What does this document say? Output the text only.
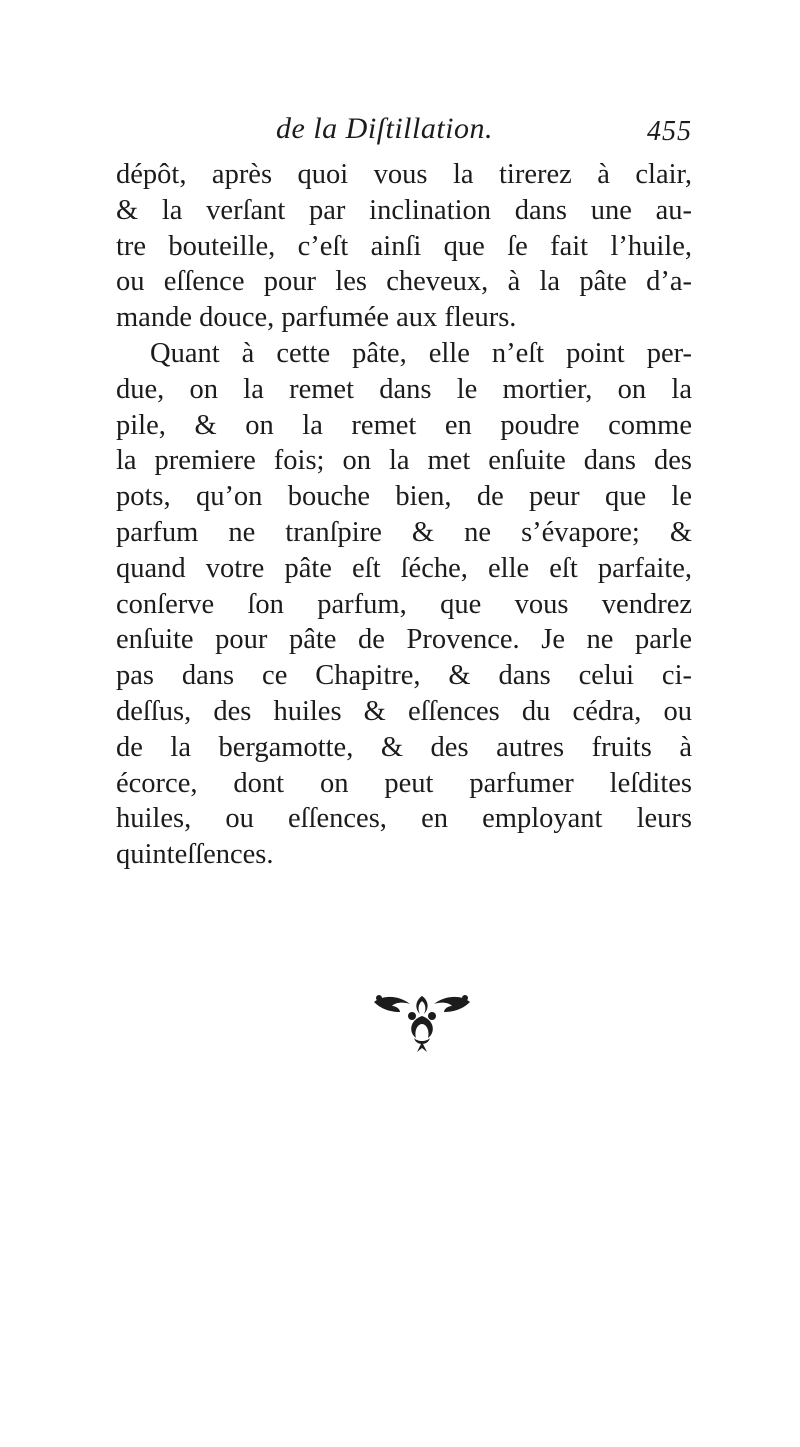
de la Diſtillation.	455
dépôt, après quoi vous la tirerez à clair,
& la verſant par inclination dans une au-
tre bouteille, c’eſt ainſi que ſe fait l’huile,
ou eſſence pour les cheveux, à la pâte d’a-
mande douce, parfumée aux fleurs.
Quant à cette pâte, elle n’eſt point per-
due, on la remet dans le mortier, on la
pile, & on la remet en poudre comme
la premiere fois; on la met enſuite dans des
pots, qu’on bouche bien, de peur que le
parfum ne tranſpire & ne s’évapore; &
quand votre pâte eſt ſéche, elle eſt parfaite,
conſerve ſon parfum, que vous vendrez
enſuite pour pâte de Provence. Je ne parle
pas dans ce Chapitre, & dans celui ci-
deſſus, des huiles & eſſences du cédra, ou
de la bergamotte, & des autres fruits à
écorce, dont on peut parfumer leſdites
huiles, ou eſſences, en employant leurs
quinteſſences.
